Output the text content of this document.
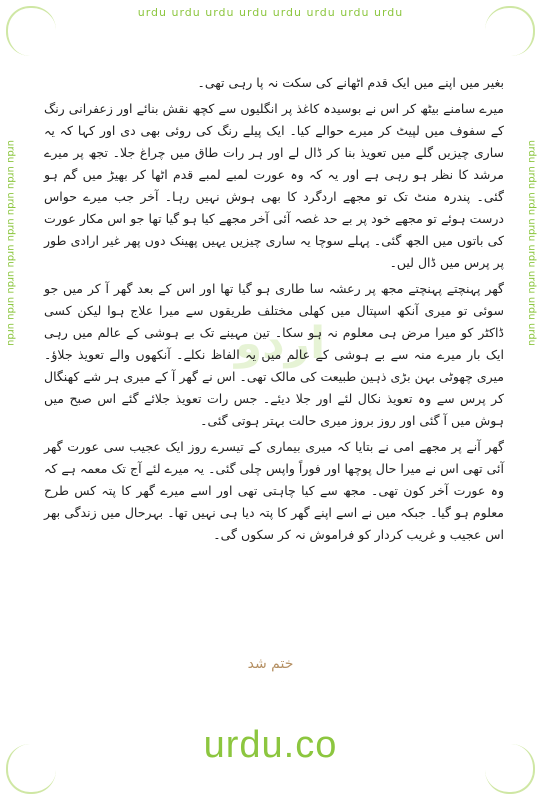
urdu urdu urdu urdu urdu urdu urdu urdu
urdu urdu urdu urdu urdu urdu urdu urdu	urdu urdu urdu urdu urdu urdu urdu urdu
اردو

بغیر میں اپنے میں ایک قدم اٹھانے کی سکت نہ پا رہی تھی۔

میرے سامنے بیٹھ کر اس نے بوسیدہ کاغذ پر انگلیوں سے کچھ نقش بنائے اور زعفرانی رنگ کے سفوف میں لپیٹ کر میرے حوالے کیا۔ ایک پیلے رنگ کی روئی بھی دی اور کہا کہ یہ ساری چیزیں گلے میں تعویذ بنا کر ڈال لے اور ہر رات طاق میں چراغ جلا۔ تجھ پر میرے مرشد کا نظر ہو رہی ہے اور یہ کہ وہ عورت لمبے لمبے قدم اٹھا کر بھیڑ میں گم ہو گئی۔ پندرہ منٹ تک تو مجھے اردگرد کا بھی ہوش نہیں رہا۔ آخر جب میرے حواس درست ہوئے تو مجھے خود پر بے حد غصہ آئی آخر مجھے کیا ہو گیا تھا جو اس مکار عورت کی باتوں میں الجھ گئی۔ پہلے سوچا یہ ساری چیزیں یہیں پھینک دوں پھر غیر ارادی طور پر پرس میں ڈال لیں۔

گھر پہنچتے پہنچتے مجھ پر رعشہ سا طاری ہو گیا تھا اور اس کے بعد گھر آ کر میں جو سوئی تو میری آنکھ اسپتال میں کھلی مختلف طریقوں سے میرا علاج ہوا لیکن کسی ڈاکٹر کو میرا مرض ہی معلوم نہ ہو سکا۔ تین مہینے تک بے ہوشی کے عالم میں رہی ایک بار میرے منہ سے بے ہوشی کے عالم میں یہ الفاظ نکلے۔ آنکھوں والے تعویذ جلاؤ۔ میری چھوٹی بہن بڑی ذہین طبیعت کی مالک تھی۔ اس نے گھر آ کے میری ہر شے کھنگال کر پرس سے وہ تعویذ نکال لئے اور جلا دیئے۔ جس رات تعویذ جلائے گئے اس صبح میں ہوش میں آ گئی اور روز بروز میری حالت بہتر ہوتی گئی۔

گھر آنے پر مجھے امی نے بتایا کہ میری بیماری کے تیسرے روز ایک عجیب سی عورت گھر آئی تھی اس نے میرا حال پوچھا اور فوراً واپس چلی گئی۔ یہ میرے لئے آج تک معمہ ہے کہ وہ عورت آخر کون تھی۔ مجھ سے کیا چاہتی تھی اور اسے میرے گھر کا پتہ کس طرح معلوم ہو گیا۔ جبکہ میں نے اسے اپنے گھر کا پتہ دیا ہی نہیں تھا۔ بہرحال میں زندگی بھر اس عجیب و غریب کردار کو فراموش نہ کر سکوں گی۔

ختم شد
urdu.co
